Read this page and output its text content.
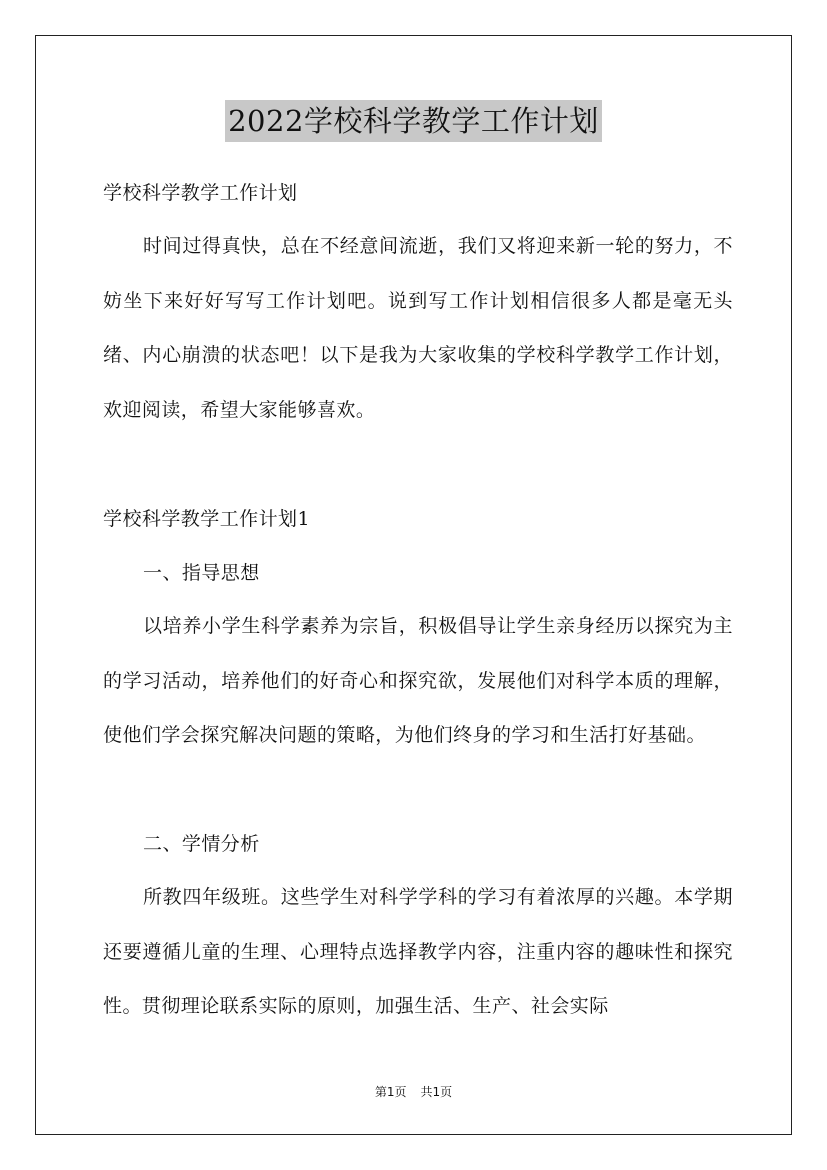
2022学校科学教学工作计划

学校科学教学工作计划

时间过得真快，总在不经意间流逝，我们又将迎来新一轮的努力，不妨坐下来好好写写工作计划吧。说到写工作计划相信很多人都是毫无头绪、内心崩溃的状态吧！以下是我为大家收集的学校科学教学工作计划，欢迎阅读，希望大家能够喜欢。

学校科学教学工作计划1

一、指导思想

以培养小学生科学素养为宗旨，积极倡导让学生亲身经历以探究为主的学习活动，培养他们的好奇心和探究欲，发展他们对科学本质的理解，使他们学会探究解决问题的策略，为他们终身的学习和生活打好基础。

二、学情分析

所教四年级班。这些学生对科学学科的学习有着浓厚的兴趣。本学期还要遵循儿童的生理、心理特点选择教学内容，注重内容的趣味性和探究性。贯彻理论联系实际的原则，加强生活、生产、社会实际

第1页 共1页
